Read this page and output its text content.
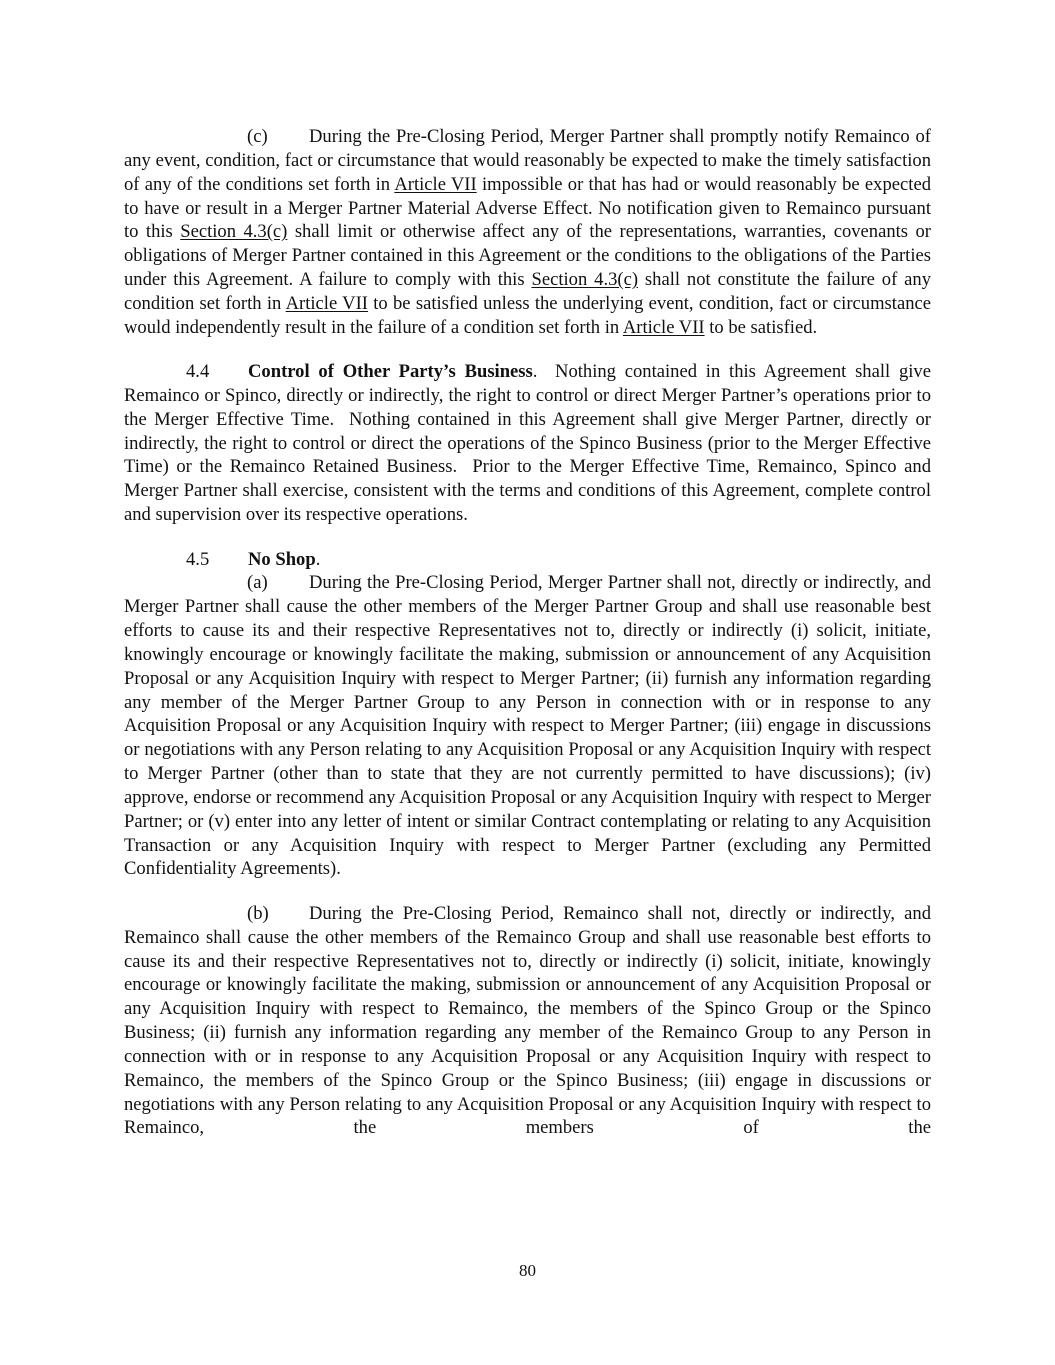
(c) During the Pre-Closing Period, Merger Partner shall promptly notify Remainco of any event, condition, fact or circumstance that would reasonably be expected to make the timely satisfaction of any of the conditions set forth in Article VII impossible or that has had or would reasonably be expected to have or result in a Merger Partner Material Adverse Effect. No notification given to Remainco pursuant to this Section 4.3(c) shall limit or otherwise affect any of the representations, warranties, covenants or obligations of Merger Partner contained in this Agreement or the conditions to the obligations of the Parties under this Agreement. A failure to comply with this Section 4.3(c) shall not constitute the failure of any condition set forth in Article VII to be satisfied unless the underlying event, condition, fact or circumstance would independently result in the failure of a condition set forth in Article VII to be satisfied.

4.4 Control of Other Party’s Business.  Nothing contained in this Agreement shall give Remainco or Spinco, directly or indirectly, the right to control or direct Merger Partner’s operations prior to the Merger Effective Time.  Nothing contained in this Agreement shall give Merger Partner, directly or indirectly, the right to control or direct the operations of the Spinco Business (prior to the Merger Effective Time) or the Remainco Retained Business.  Prior to the Merger Effective Time, Remainco, Spinco and Merger Partner shall exercise, consistent with the terms and conditions of this Agreement, complete control and supervision over its respective operations.

4.5 No Shop.

(a) During the Pre-Closing Period, Merger Partner shall not, directly or indirectly, and Merger Partner shall cause the other members of the Merger Partner Group and shall use reasonable best efforts to cause its and their respective Representatives not to, directly or indirectly (i) solicit, initiate, knowingly encourage or knowingly facilitate the making, submission or announcement of any Acquisition Proposal or any Acquisition Inquiry with respect to Merger Partner; (ii) furnish any information regarding any member of the Merger Partner Group to any Person in connection with or in response to any Acquisition Proposal or any Acquisition Inquiry with respect to Merger Partner; (iii) engage in discussions or negotiations with any Person relating to any Acquisition Proposal or any Acquisition Inquiry with respect to Merger Partner (other than to state that they are not currently permitted to have discussions); (iv) approve, endorse or recommend any Acquisition Proposal or any Acquisition Inquiry with respect to Merger Partner; or (v) enter into any letter of intent or similar Contract contemplating or relating to any Acquisition Transaction or any Acquisition Inquiry with respect to Merger Partner (excluding any Permitted Confidentiality Agreements).

(b) During the Pre-Closing Period, Remainco shall not, directly or indirectly, and Remainco shall cause the other members of the Remainco Group and shall use reasonable best efforts to cause its and their respective Representatives not to, directly or indirectly (i) solicit, initiate, knowingly encourage or knowingly facilitate the making, submission or announcement of any Acquisition Proposal or any Acquisition Inquiry with respect to Remainco, the members of the Spinco Group or the Spinco Business; (ii) furnish any information regarding any member of the Remainco Group to any Person in connection with or in response to any Acquisition Proposal or any Acquisition Inquiry with respect to Remainco, the members of the Spinco Group or the Spinco Business; (iii) engage in discussions or negotiations with any Person relating to any Acquisition Proposal or any Acquisition Inquiry with respect to Remainco, the members of the

80
